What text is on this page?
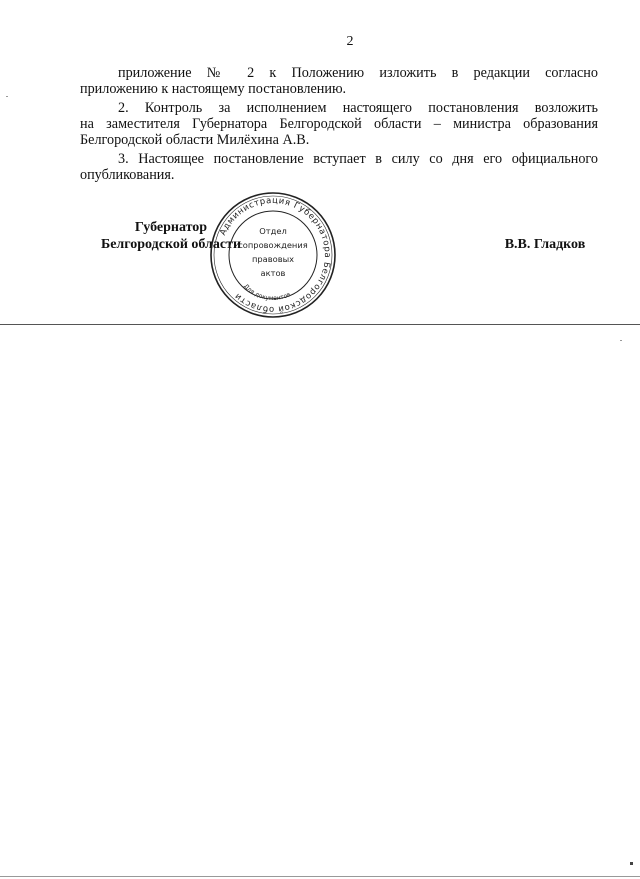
2
приложение № 2 к Положению изложить в редакции согласно
приложению к настоящему постановлению.
2. Контроль за исполнением настоящего постановления возложить
на заместителя Губернатора Белгородской области – министра образования
Белгородской области Милёхина А.В.
3. Настоящее постановление вступает в силу со дня его официального
опубликования.
Губернатор
Белгородской области	В.В. Гладков
Администрация Губернатора Белгородской области
Для документов
Отдел
сопровождения
правовых
актов
